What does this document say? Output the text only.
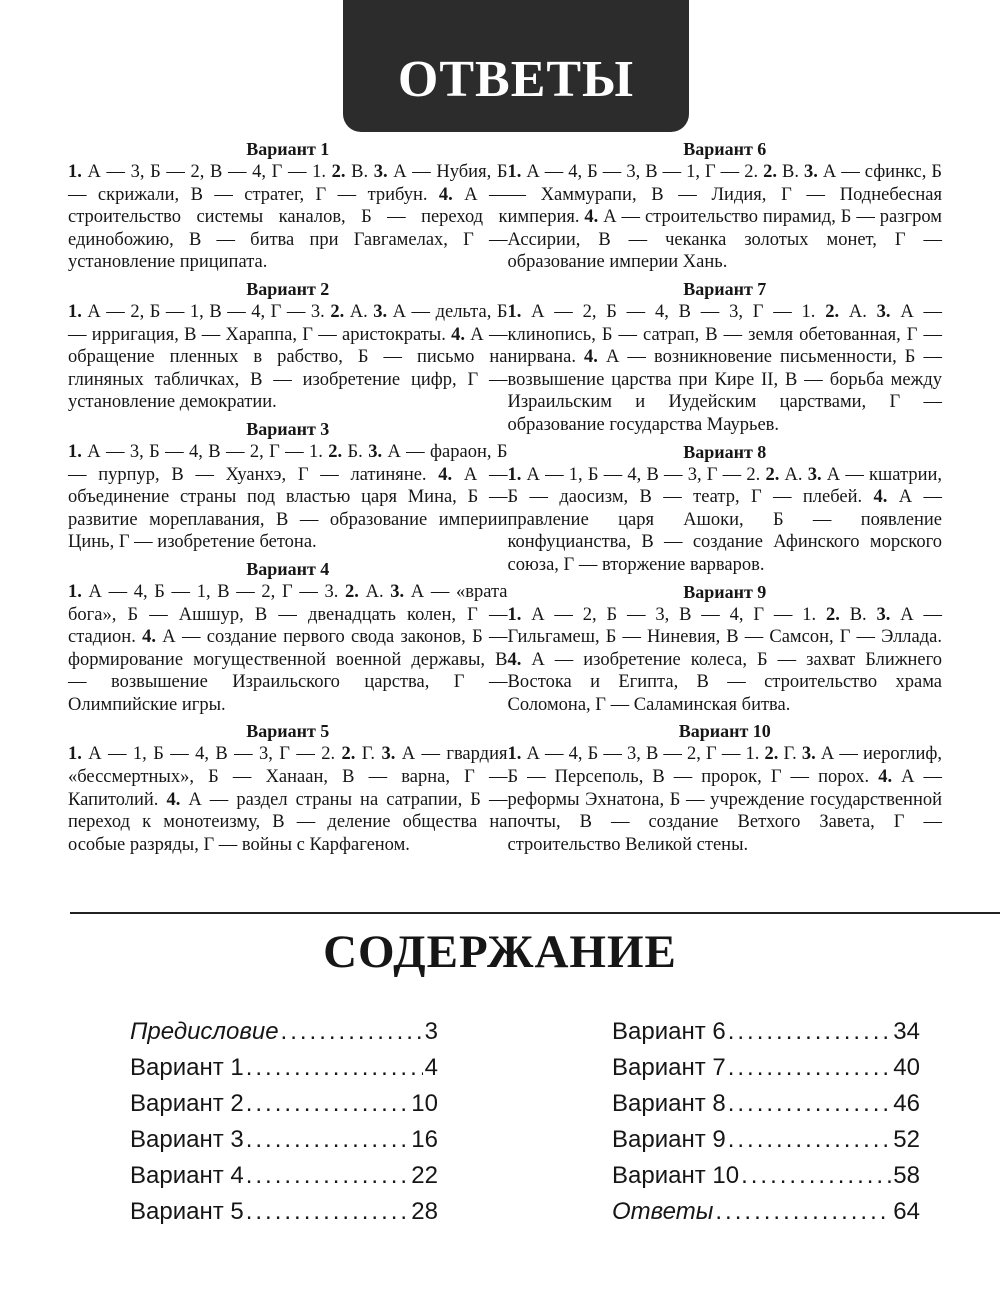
ОТВЕТЫ
Вариант 1

1. А — 3, Б — 2, В — 4, Г — 1. 2. В. 3. А — Нубия, Б — скрижали, В — стратег, Г — трибун. 4. А — строительство системы каналов, Б — переход к единобожию, В — битва при Гавгамелах, Г — установление приципата.

Вариант 2

1. А — 2, Б — 1, В — 4, Г — 3. 2. А. 3. А — дельта, Б — ирригация, В — Хараппа, Г — аристократы. 4. А — обращение пленных в рабство, Б — письмо на глиняных табличках, В — изобретение цифр, Г — установление демократии.

Вариант 3

1. А — 3, Б — 4, В — 2, Г — 1. 2. Б. 3. А — фараон, Б — пурпур, В — Хуанхэ, Г — латиняне. 4. А — объединение страны под властью царя Мина, Б — развитие мореплавания, В — образование империи Цинь, Г — изобретение бетона.

Вариант 4

1. А — 4, Б — 1, В — 2, Г — 3. 2. А. 3. А — «врата бога», Б — Ашшур, В — двенадцать колен, Г — стадион. 4. А — создание первого свода законов, Б — формирование могущественной военной державы, В — возвышение Израильского царства, Г — Олимпийские игры.

Вариант 5

1. А — 1, Б — 4, В — 3, Г — 2. 2. Г. 3. А — гвардия «бессмертных», Б — Ханаан, В — варна, Г — Капитолий. 4. А — раздел страны на сатрапии, Б — переход к монотеизму, В — деление общества на особые разряды, Г — войны с Карфагеном.

Вариант 6

1. А — 4, Б — 3, В — 1, Г — 2. 2. В. 3. А — сфинкс, Б — Хаммурапи, В — Лидия, Г — Поднебесная империя. 4. А — строительство пирамид, Б — разгром Ассирии, В — чеканка золотых монет, Г — образование империи Хань.

Вариант 7

1. А — 2, Б — 4, В — 3, Г — 1. 2. А. 3. А — клинопись, Б — сатрап, В — земля обетованная, Г — нирвана. 4. А — возникновение письменности, Б — возвышение царства при Кире II, В — борьба между Израильским и Иудейским царствами, Г — образование государства Маурьев.

Вариант 8

1. А — 1, Б — 4, В — 3, Г — 2. 2. А. 3. А — кшатрии, Б — даосизм, В — театр, Г — плебей. 4. А — правление царя Ашоки, Б — появление конфуцианства, В — создание Афинского морского союза, Г — вторжение варваров.

Вариант 9

1. А — 2, Б — 3, В — 4, Г — 1. 2. В. 3. А — Гильгамеш, Б — Ниневия, В — Самсон, Г — Эллада. 4. А — изобретение колеса, Б — захват Ближнего Востока и Египта, В — строительство храма Соломона, Г — Саламинская битва.

Вариант 10

1. А — 4, Б — 3, В — 2, Г — 1. 2. Г. 3. А — иероглиф, Б — Персеполь, В — пророк, Г — порох. 4. А — реформы Эхнатона, Б — учреждение государственной почты, В — создание Ветхого Завета, Г — строительство Великой стены.

СОДЕРЖАНИЕ
Предисловие .....	3
Вариант 1 .....	4
Вариант 2 .....	10
Вариант 3 .....	16
Вариант 4 .....	22
Вариант 5 .....	28
Вариант 6 .....	34
Вариант 7 .....	40
Вариант 8 .....	46
Вариант 9 .....	52
Вариант 10 .....	58
Ответы .....	64
